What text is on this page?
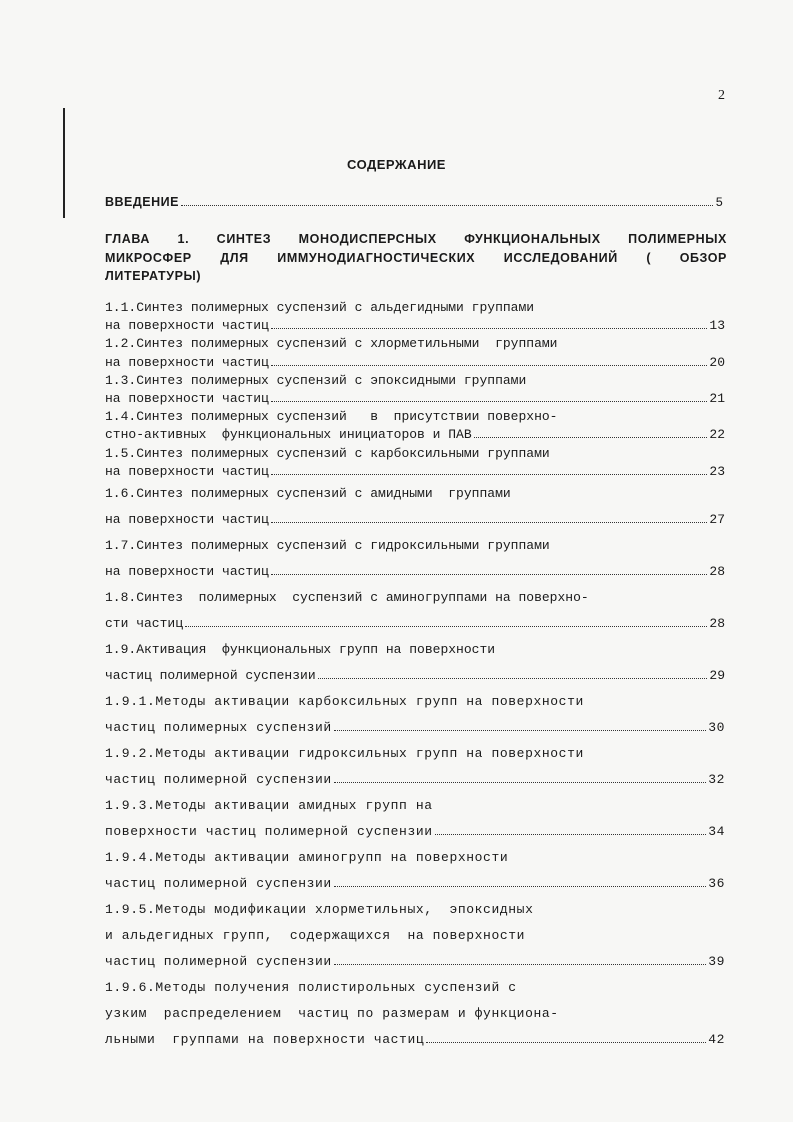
2
СОДЕРЖАНИЕ
ВВЕДЕНИЕ	5
ГЛАВА 1. СИНТЕЗ МОНОДИСПЕРСНЫХ ФУНКЦИОНАЛЬНЫХ ПОЛИМЕРНЫХ
МИКРОСФЕР ДЛЯ ИММУНОДИАГНОСТИЧЕСКИХ ИССЛЕДОВАНИЙ ( ОБЗОР
ЛИТЕРАТУРЫ)
1.1.Синтез полимерных суспензий с альдегидными группами
на поверхности частиц	13
1.2.Синтез полимерных суспензий с хлорметильными  группами
на поверхности частиц	20
1.3.Синтез полимерных суспензий с эпоксидными группами
на поверхности частиц	21
1.4.Синтез полимерных суспензий   в  присутствии поверхно-
стно-активных  функциональных инициаторов и ПАВ	22
1.5.Синтез полимерных суспензий с карбоксильными группами
на поверхности частиц	23
1.6.Синтез полимерных суспензий с амидными  группами
на поверхности частиц	27
1.7.Синтез полимерных суспензий с гидроксильными группами
на поверхности частиц	28
1.8.Синтез  полимерных  суспензий с аминогруппами на поверхно-
сти частиц	28
1.9.Активация  функциональных групп на поверхности
частиц полимерной суспензии	29
1.9.1.Методы активации карбоксильных групп на поверхности
частиц полимерных суспензий	30
1.9.2.Методы активации гидроксильных групп на поверхности
частиц полимерной суспензии	32
1.9.3.Методы активации амидных групп на
поверхности частиц полимерной суспензии	34
1.9.4.Методы активации аминогрупп на поверхности
частиц полимерной суспензии	36
1.9.5.Методы модификации хлорметильных,  эпоксидных
и альдегидных групп,  содержащихся  на поверхности
частиц полимерной суспензии	39
1.9.6.Методы получения полистирольных суспензий с
узким  распределением  частиц по размерам и функциона-
льными  группами на поверхности частиц	42
